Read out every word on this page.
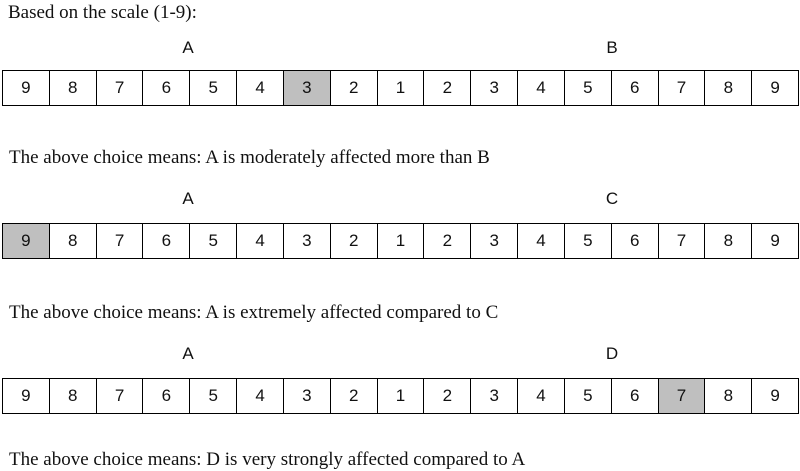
Based on the scale (1-9):
A	B
9	8	7	6	5	4	3	2	1	2	3	4	5	6	7	8	9
The above choice means: A is moderately affected more than B
A	C
9	8	7	6	5	4	3	2	1	2	3	4	5	6	7	8	9
The above choice means: A is extremely affected compared to C
A	D
9	8	7	6	5	4	3	2	1	2	3	4	5	6	7	8	9
The above choice means: D is very strongly affected compared to A
